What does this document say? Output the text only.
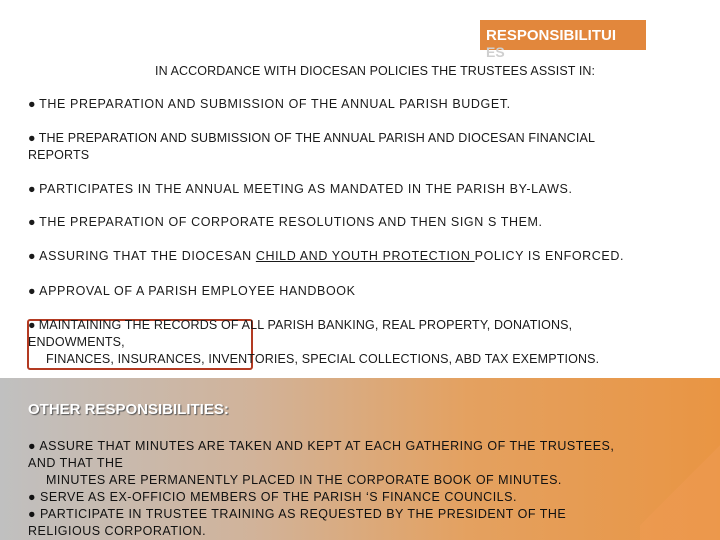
RESPONSIBILITUI
ES
IN ACCORDANCE WITH DIOCESAN POLICIES THE TRUSTEES ASSIST IN:
● THE PREPARATION AND SUBMISSION OF THE ANNUAL PARISH BUDGET.
● THE PREPARATION AND SUBMISSION OF THE ANNUAL PARISH AND DIOCESAN FINANCIAL
REPORTS
● PARTICIPATES IN THE ANNUAL MEETING AS MANDATED IN THE PARISH BY-LAWS.
● THE PREPARATION OF CORPORATE RESOLUTIONS AND THEN SIGN S THEM.
● ASSURING THAT THE DIOCESAN CHILD AND YOUTH PROTECTION POLICY IS ENFORCED.
● APPROVAL OF A PARISH EMPLOYEE HANDBOOK
● MAINTAINING THE RECORDS OF ALL PARISH BANKING, REAL PROPERTY, DONATIONS,
ENDOWMENTS,
FINANCES, INSURANCES, INVENTORIES, SPECIAL COLLECTIONS, ABD TAX EXEMPTIONS.
OTHER RESPONSIBILITIES:
● ASSURE THAT MINUTES ARE TAKEN AND KEPT AT EACH GATHERING OF THE TRUSTEES,
AND THAT THE
MINUTES ARE PERMANENTLY PLACED IN THE CORPORATE BOOK OF MINUTES.
● SERVE AS EX-OFFICIO MEMBERS OF THE PARISH ‘S FINANCE COUNCILS.
● PARTICIPATE IN TRUSTEE TRAINING AS REQUESTED BY THE PRESIDENT OF THE
RELIGIOUS CORPORATION.
